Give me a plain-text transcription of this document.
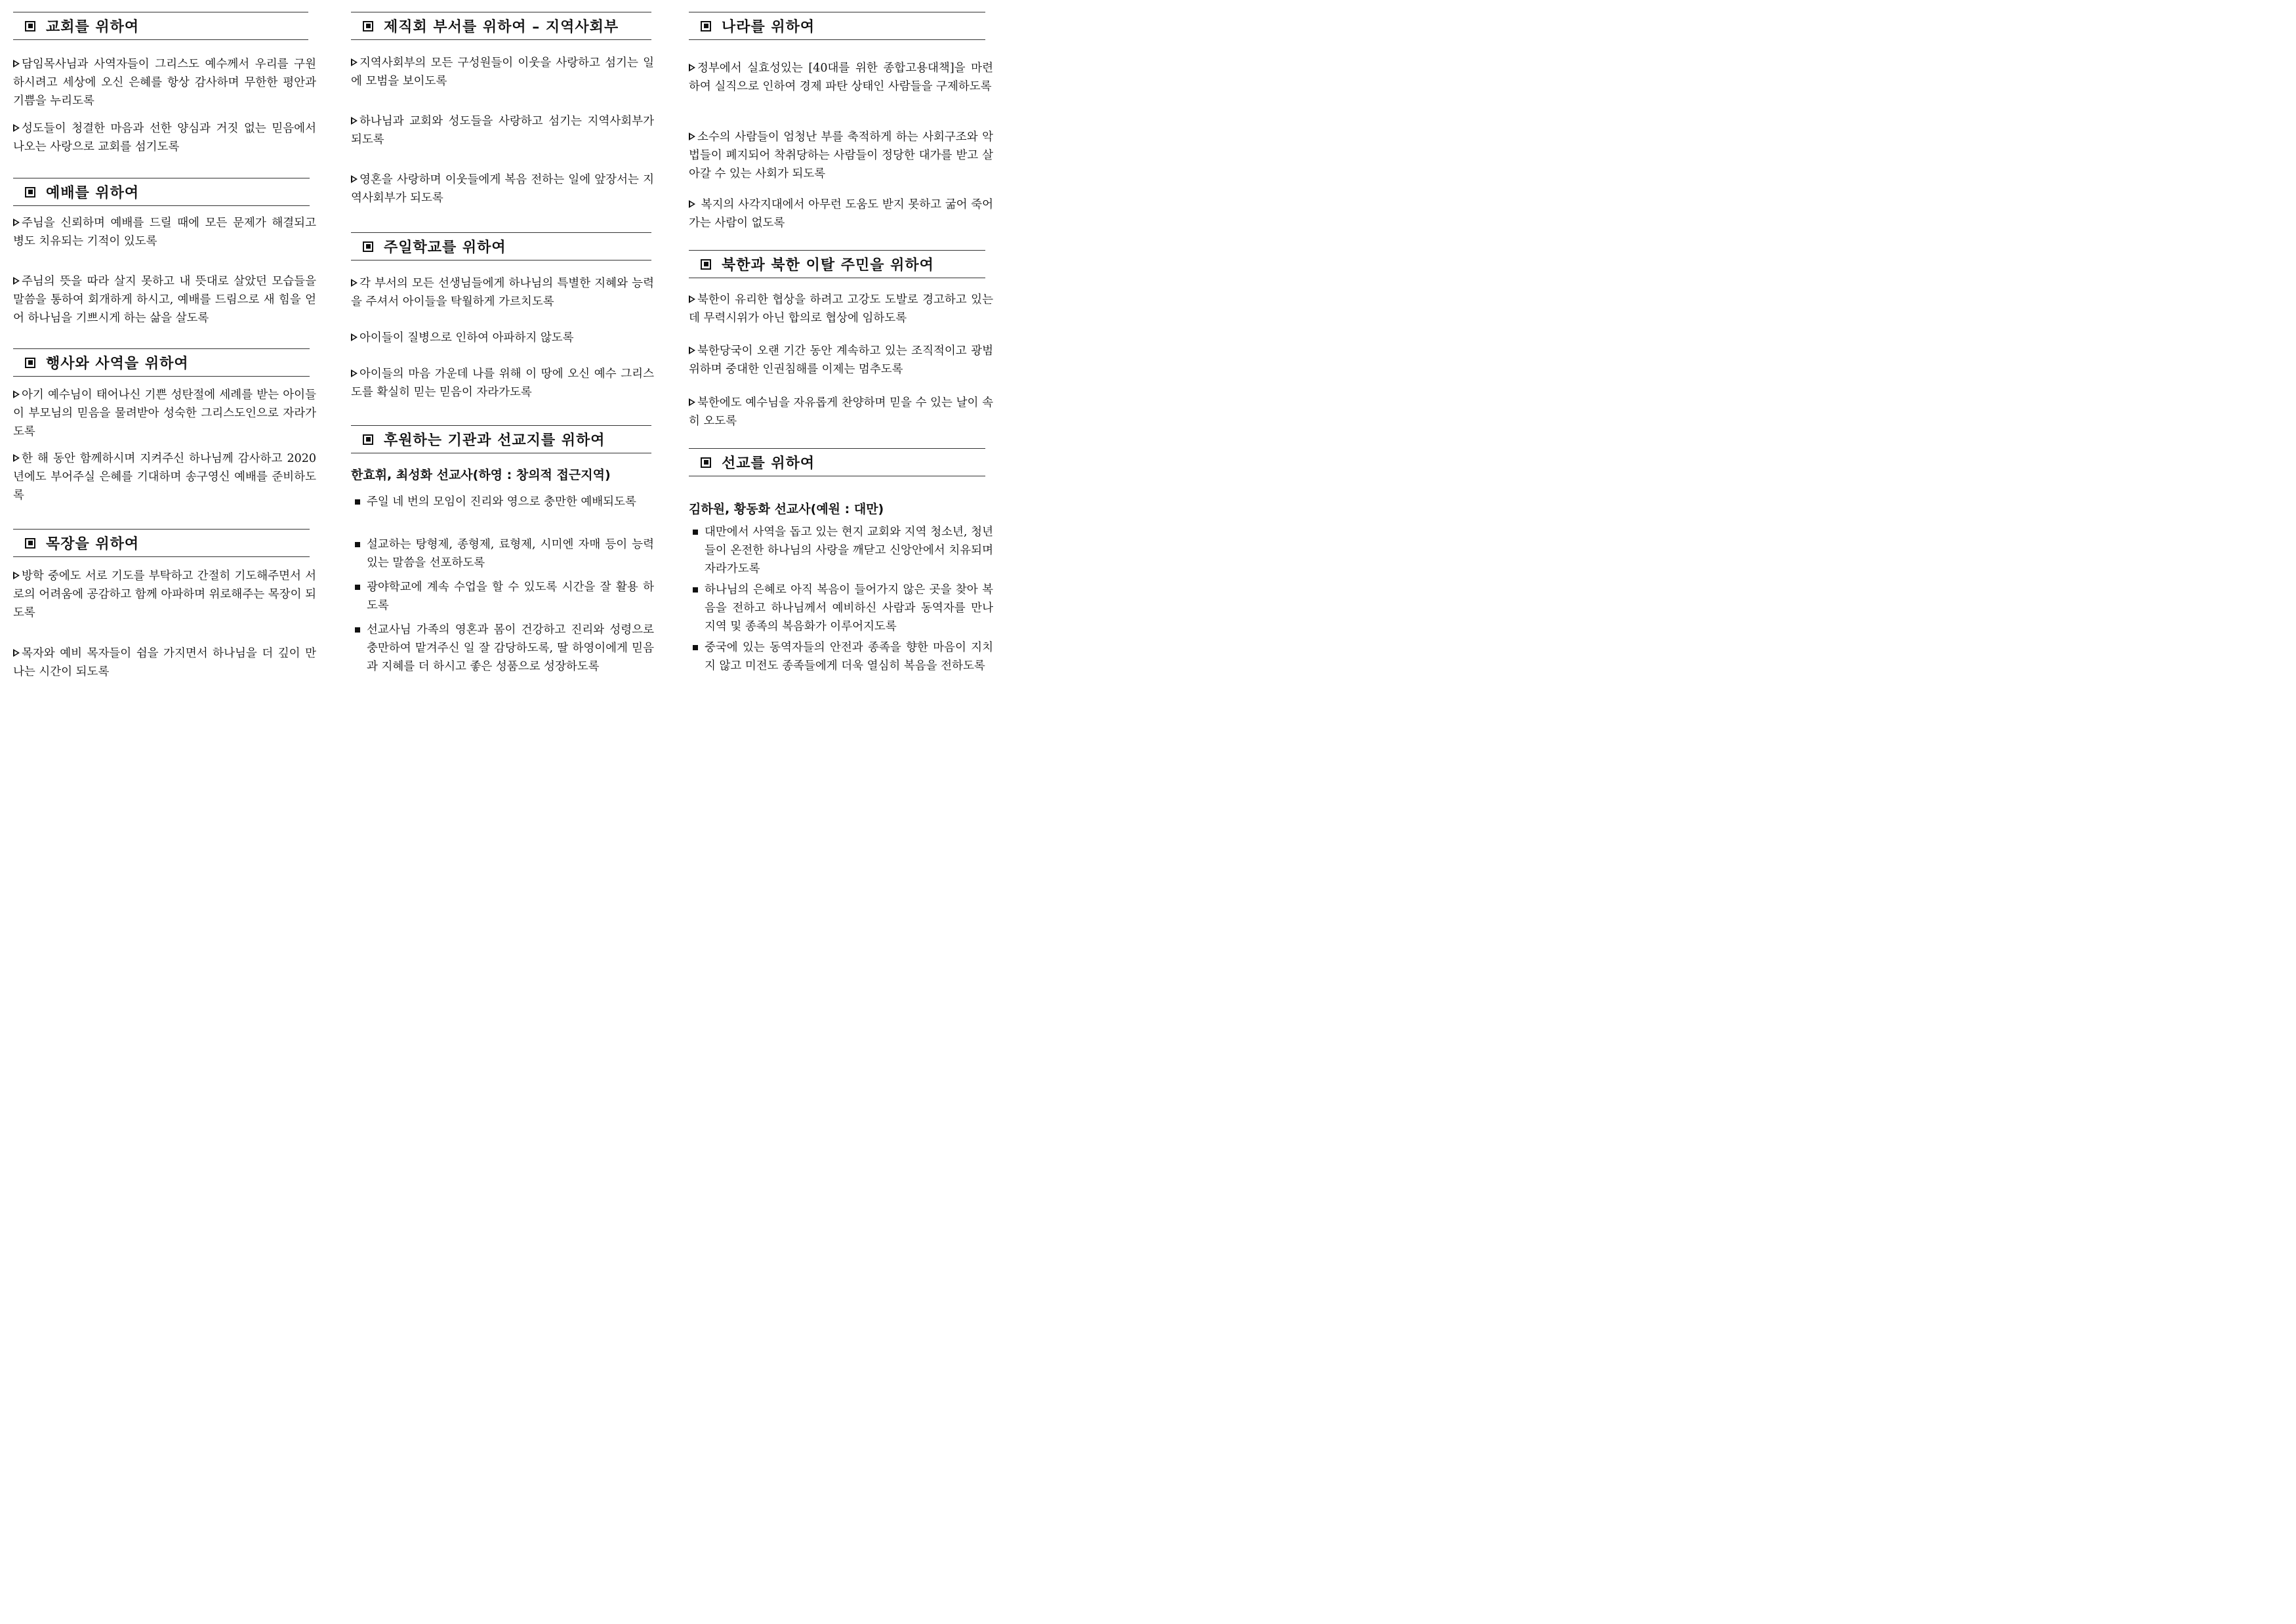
교회를 위하여
담임목사님과 사역자들이 그리스도 예수께서 우리를 구원하시려고 세상에 오신 은혜를 항상 감사하며 무한한 평안과 기쁨을 누리도록
성도들이 청결한 마음과 선한 양심과 거짓 없는 믿음에서 나오는 사랑으로 교회를 섬기도록
예배를 위하여
주님을 신뢰하며 예배를 드릴 때에 모든 문제가 해결되고 병도 치유되는 기적이 있도록
주님의 뜻을 따라 살지 못하고 내 뜻대로 살았던 모습들을 말씀을 통하여 회개하게 하시고, 예배를 드림으로 새 힘을 얻어 하나님을 기쁘시게 하는 삶을 살도록
행사와 사역을 위하여
아기 예수님이 태어나신 기쁜 성탄절에 세례를 받는 아이들이 부모님의 믿음을 물려받아 성숙한 그리스도인으로 자라가도록
한 해 동안 함께하시며 지켜주신 하나님께 감사하고 2020년에도 부어주실 은혜를 기대하며 송구영신 예배를 준비하도록
목장을 위하여
방학 중에도 서로 기도를 부탁하고 간절히 기도해주면서 서로의 어려움에 공감하고 함께 아파하며 위로해주는 목장이 되도록
목자와 예비 목자들이 쉼을 가지면서 하나님을 더 깊이 만나는 시간이 되도록
제직회 부서를 위하여 – 지역사회부
지역사회부의 모든 구성원들이 이웃을 사랑하고 섬기는 일에 모범을 보이도록
하나님과 교회와 성도들을 사랑하고 섬기는 지역사회부가 되도록
영혼을 사랑하며 이웃들에게 복음 전하는 일에 앞장서는 지역사회부가 되도록
주일학교를 위하여
각 부서의 모든 선생님들에게 하나님의 특별한 지혜와 능력을 주셔서 아이들을 탁월하게 가르치도록
아이들이 질병으로 인하여 아파하지 않도록
아이들의 마음 가운데 나를 위해 이 땅에 오신 예수 그리스도를 확실히 믿는 믿음이 자라가도록
후원하는 기관과 선교지를 위하여
한효휘, 최성화 선교사(하영 : 창의적 접근지역)
주일 네 번의 모임이 진리와 영으로 충만한 예배되도록
설교하는 탕형제, 종형제, 료형제, 시미엔 자매 등이 능력 있는 말씀을 선포하도록
광야학교에 계속 수업을 할 수 있도록 시간을 잘 활용 하도록
선교사님 가족의 영혼과 몸이 건강하고 진리와 성령으로 충만하여 맡겨주신 일 잘 감당하도록, 딸 하영이에게 믿음과 지혜를 더 하시고 좋은 성품으로 성장하도록
나라를 위하여
정부에서 실효성있는 [40대를 위한 종합고용대책]을 마련하여 실직으로 인하여 경제 파탄 상태인 사람들을 구제하도록
소수의 사람들이 엄청난 부를 축적하게 하는 사회구조와 악법들이 폐지되어 착취당하는 사람들이 정당한 대가를 받고 살아갈 수 있는 사회가 되도록
복지의 사각지대에서 아무런 도움도 받지 못하고 굶어 죽어가는 사람이 없도록
북한과 북한 이탈 주민을 위하여
북한이 유리한 협상을 하려고 고강도 도발로 경고하고 있는데 무력시위가 아닌 합의로 협상에 임하도록
북한당국이 오랜 기간 동안 계속하고 있는 조직적이고 광범위하며 중대한 인권침해를 이제는 멈추도록
북한에도 예수님을 자유롭게 찬양하며 믿을 수 있는 날이 속히 오도록
선교를 위하여
김하원, 황동화 선교사(예원 : 대만)
대만에서 사역을 돕고 있는 현지 교회와 지역 청소년, 청년들이 온전한 하나님의 사랑을 깨닫고 신앙안에서 치유되며 자라가도록
하나님의 은혜로 아직 복음이 들어가지 않은 곳을 찾아 복음을 전하고 하나님께서 예비하신 사람과 동역자를 만나 지역 및 종족의 복음화가 이루어지도록
중국에 있는 동역자들의 안전과 종족을 향한 마음이 지치지 않고 미전도 종족들에게 더욱 열심히 복음을 전하도록
